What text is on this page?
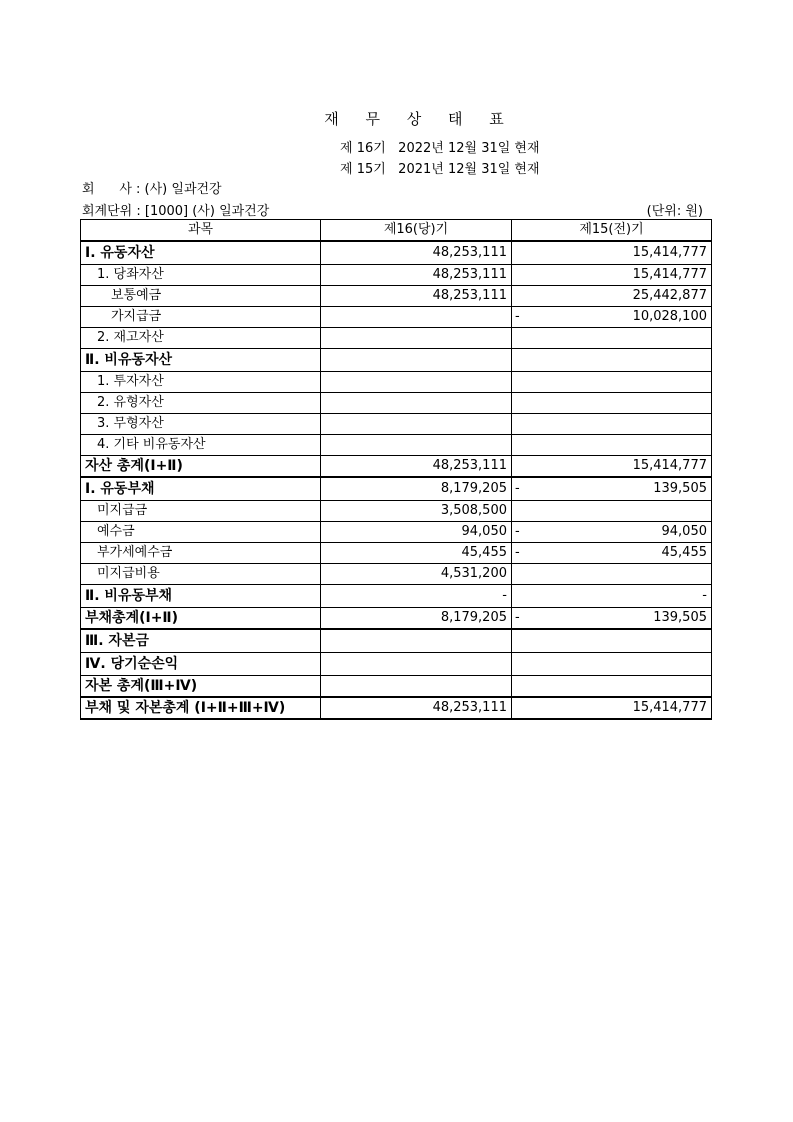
재 무 상 태 표
제 16기   2022년 12월 31일 현재
제 15기   2021년 12월 31일 현재
회      사 : (사) 일과건강
회계단위 : [1000] (사) 일과건강	(단위: 원)
과목	제16(당)기	제15(전)기
Ⅰ. 유동자산	48,253,111	15,414,777
1. 당좌자산	48,253,111	15,414,777
보통예금	48,253,111	25,442,877
가지급금		- 10,028,100
2. 재고자산	

Ⅱ. 비유동자산	

1. 투자자산	

2. 유형자산	

3. 무형자산	

4. 기타 비유동자산	

자산 총계(Ⅰ+Ⅱ)	48,253,111	15,414,777
Ⅰ. 유동부채	8,179,205	- 139,505
미지급금	3,508,500	

예수금	94,050	- 94,050
부가세예수금	45,455	- 45,455
미지급비용	4,531,200	

Ⅱ. 비유동부채	-	-
부채총계(Ⅰ+Ⅱ)	8,179,205	- 139,505
Ⅲ. 자본금	

Ⅳ. 당기순손익	

자본 총계(Ⅲ+Ⅳ)	

부채 및 자본총계 (Ⅰ+Ⅱ+Ⅲ+Ⅳ)	48,253,111	15,414,777
